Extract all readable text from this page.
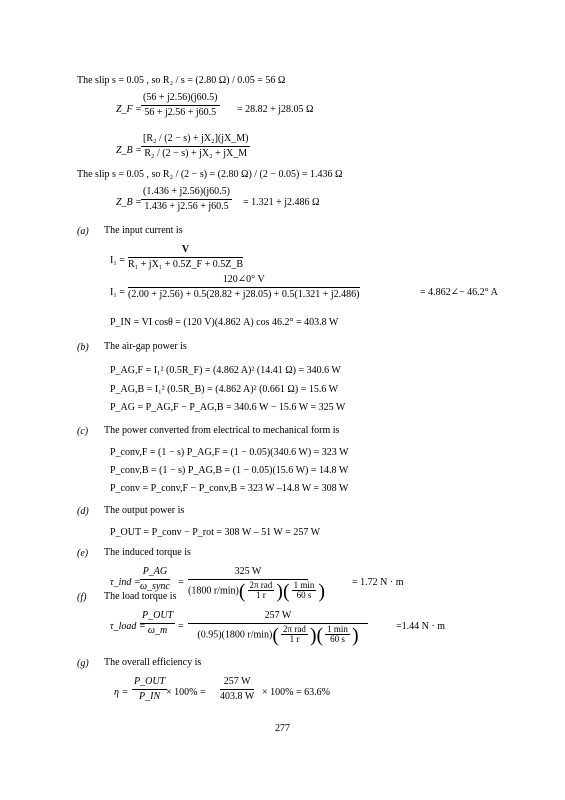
The slip s = 0.05 , so R₂ / s = (2.80 Ω) / 0.05 = 56 Ω
Z_F = $\frac{(56 + j2.56)(j60.5)}{56 + j2.56 + j60.5} = 28.82 + j28.05$ Ω
Z_B = $\frac{\text{[R₂ / (2 − s) + jX₂](jX\_M)}}{\text{R₂ / (2 − s) + jX₂ + jX\_M}}$
The slip s = 0.05 , so R₂ / (2 − s) = (2.80 Ω) / (2 − 0.05) = 1.436 Ω
Z_B = $\frac{(1.436 + j2.56)(j60.5)}{1.436 + j2.56 + j60.5} = 1.321 + j2.486$ Ω
(a) The input current is
$I_1 = \frac{V}{\text{R₁ + jX₁ + 0.5Z\_F + 0.5Z\_B}}$
$I_1 = \frac{120\angle 0^\circ V}{(2.00 + j2.56) + 0.5(28.82 + j28.05) + 0.5(1.321 + j2.486)}$	= 4.862∠− 46.2° A
P_IN = VI cosθ = (120 V)(4.862 A) cos 46.2° = 403.8 W
(b) The air-gap power is
P_AG,F = I₁² (0.5R_F) = (4.862 A)² (14.41 Ω) = 340.6 W
P_AG,B = I₁² (0.5R_B) = (4.862 A)² (0.661 Ω) = 15.6 W
P_AG = P_AG,F − P_AG,B = 340.6 W − 15.6 W = 325 W
(c) The power converted from electrical to mechanical form is
P_conv,F = (1 − s) P_AG,F = (1 − 0.05)(340.6 W) = 323 W
P_conv,B = (1 − s) P_AG,B = (1 − 0.05)(15.6 W) = 14.8 W
P_conv = P_conv,F − P_conv,B = 323 W –14.8 W = 308 W
(d) The output power is
P_OUT = P_conv − P_rot = 308 W – 51 W = 257 W
(e) The induced torque is
τ_ind =
P_AG
ω_sync =
325 W
(1800 $r/\min)( \frac{\text{2π rad}}{1 r}$ )( $\frac{1 \min}{60 s}$ )	= 1.72 N · m
(f) The load torque is
τ_load =
P_OUT
ω_m	=
257 W
(0.95)(1800 $r/\min)( \frac{\text{2π rad}}{1 r}$ )( $\frac{1 \min}{60 s}$ )	=1.44 N · m
(g) The overall efficiency is
η =
P_OUT
P_IN × $100\% = \frac{257 W}{403.8 W} \times 100\% = 63.6\%$
277
